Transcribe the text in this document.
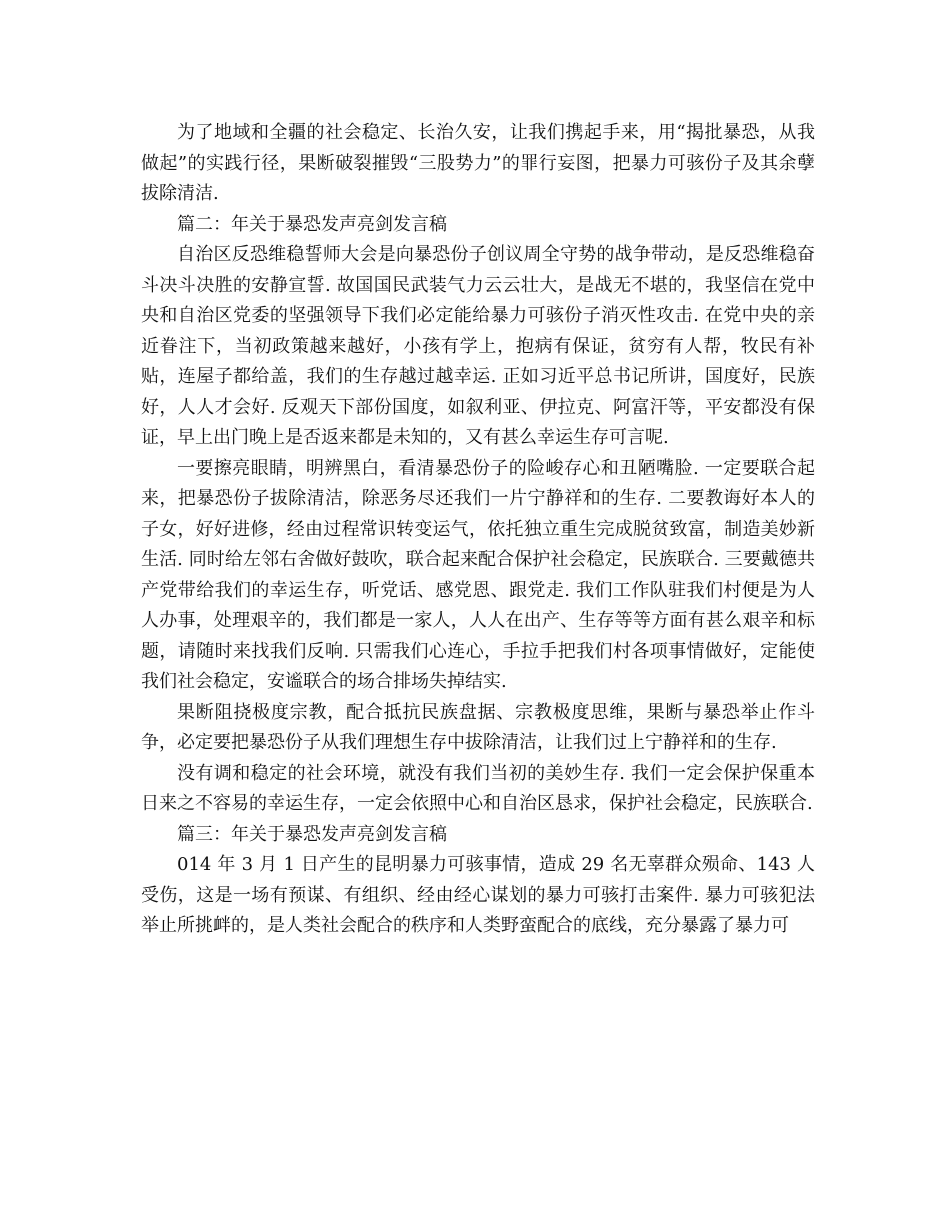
为了地域和全疆的社会稳定、长治久安，让我们携起手来，用“揭批暴恐，从我做起”的实践行径，果断破裂摧毁“三股势力”的罪行妄图，把暴力可骇份子及其余孽拔除清洁.

篇二：年关于暴恐发声亮剑发言稿

自治区反恐维稳誓师大会是向暴恐份子创议周全守势的战争带动，是反恐维稳奋斗决斗决胜的安静宣誓. 故国国民武装气力云云壮大，是战无不堪的，我坚信在党中央和自治区党委的坚强领导下我们必定能给暴力可骇份子消灭性攻击. 在党中央的亲近眷注下，当初政策越来越好，小孩有学上，抱病有保证，贫穷有人帮，牧民有补贴，连屋子都给盖，我们的生存越过越幸运. 正如习近平总书记所讲，国度好，民族好，人人才会好. 反观天下部份国度，如叙利亚、伊拉克、阿富汗等，平安都没有保证，早上出门晚上是否返来都是未知的，又有甚么幸运生存可言呢.

一要擦亮眼睛，明辨黑白，看清暴恐份子的险峻存心和丑陋嘴脸. 一定要联合起来，把暴恐份子拔除清洁，除恶务尽还我们一片宁静祥和的生存. 二要教诲好本人的子女，好好进修，经由过程常识转变运气，依托独立重生完成脱贫致富，制造美妙新生活. 同时给左邻右舍做好鼓吹，联合起来配合保护社会稳定，民族联合. 三要戴德共产党带给我们的幸运生存，听党话、感党恩、跟党走. 我们工作队驻我们村便是为人人办事，处理艰辛的，我们都是一家人，人人在出产、生存等等方面有甚么艰辛和标题，请随时来找我们反响. 只需我们心连心，手拉手把我们村各项事情做好，定能使我们社会稳定，安谧联合的场合排场失掉结实.

果断阻挠极度宗教，配合抵抗民族盘据、宗教极度思维，果断与暴恐举止作斗争，必定要把暴恐份子从我们理想生存中拔除清洁，让我们过上宁静祥和的生存.

没有调和稳定的社会环境，就没有我们当初的美妙生存. 我们一定会保护保重本日来之不容易的幸运生存，一定会依照中心和自治区恳求，保护社会稳定，民族联合.

篇三：年关于暴恐发声亮剑发言稿

014 年 3 月 1 日产生的昆明暴力可骇事情，造成 29 名无辜群众殒命、143 人受伤，这是一场有预谋、有组织、经由经心谋划的暴力可骇打击案件. 暴力可骇犯法举止所挑衅的，是人类社会配合的秩序和人类野蛮配合的底线，充分暴露了暴力可
